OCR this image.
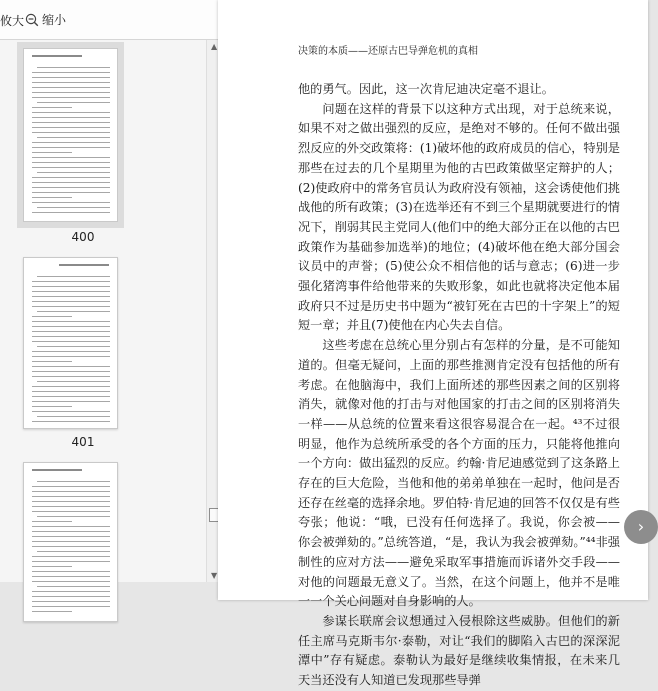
攸大 缩小
400
401
▲
▼
决策的本质——还原古巴导弹危机的真相

他的勇气。因此，这一次肯尼迪决定毫不退让。

问题在这样的背景下以这种方式出现，对于总统来说，如果不对之做出强烈的反应，是绝对不够的。任何不做出强烈反应的外交政策将：(1)破坏他的政府成员的信心，特别是那些在过去的几个星期里为他的古巴政策做坚定辩护的人；(2)使政府中的常务官员认为政府没有领袖，这会诱使他们挑战他的所有政策；(3)在选举还有不到三个星期就要进行的情况下，削弱其民主党同人(他们中的绝大部分正在以他的古巴政策作为基础参加选举)的地位；(4)破坏他在绝大部分国会议员中的声誉；(5)使公众不相信他的话与意志；(6)进一步强化猪湾事件给他带来的失败形象，如此也就将决定他本届政府只不过是历史书中题为“被钉死在古巴的十字架上”的短短一章；并且(7)使他在内心失去自信。

这些考虑在总统心里分别占有怎样的分量，是不可能知道的。但毫无疑问，上面的那些推测肯定没有包括他的所有考虑。在他脑海中，我们上面所述的那些因素之间的区别将消失，就像对他的打击与对他国家的打击之间的区别将消失一样——从总统的位置来看这很容易混合在一起。⁴³不过很明显，他作为总统所承受的各个方面的压力，只能将他推向一个方向：做出猛烈的反应。约翰·肯尼迪感觉到了这条路上存在的巨大危险，当他和他的弟弟单独在一起时，他问是否还存在丝毫的选择余地。罗伯特·肯尼迪的回答不仅仅是有些夸张；他说：“哦，已没有任何选择了。我说，你会被——你会被弹劾的。”总统答道，“是，我认为我会被弹劾。”⁴⁴非强制性的应对方法——避免采取军事措施而诉诸外交手段——对他的问题最无意义了。当然，在这个问题上，他并不是唯一一个关心问题对自身影响的人。

参谋长联席会议想通过入侵根除这些威胁。但他们的新任主席马克斯韦尔·泰勒，对让“我们的脚陷入古巴的深深泥潭中”存有疑虑。泰勒认为最好是继续收集情报，在未来几天当还没有人知道已发现那些导弹

›
